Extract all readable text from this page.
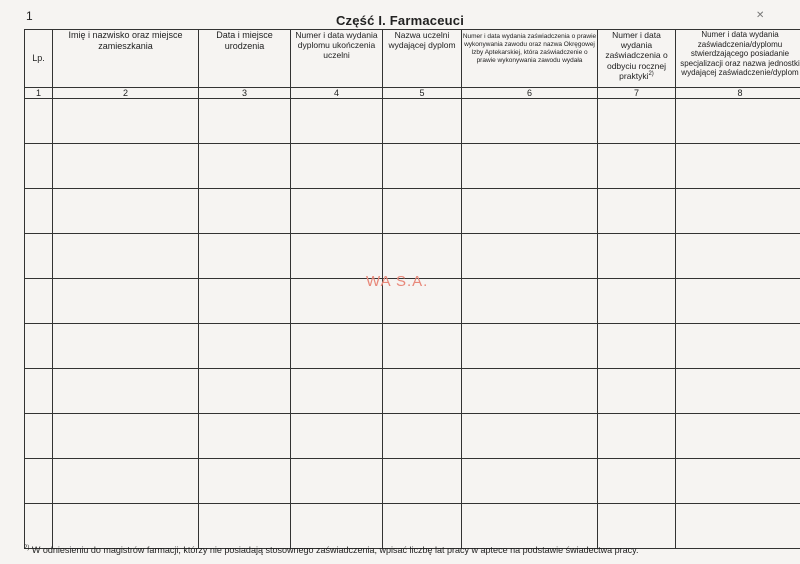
1	Część I. Farmaceuci	✕
Lp.	Imię i nazwisko oraz miejsce zamieszkania	Data i miejsce urodzenia	Numer i data wydania dyplomu ukończenia uczelni	Nazwa uczelni wydającej dyplom	Numer i data wydania zaświadczenia o prawie wykonywania zawodu oraz nazwa Okręgowej Izby Aptekarskiej, która zaświadczenie o prawie wykonywania zawodu wydała	Numer i data wydania zaświadczenia o odbyciu rocznej praktyki$^{2)}$	Numer i data wydania
zaświadczenia/dyplomu
stwierdzającego posiadanie
specjalizacji oraz nazwa jednostki
wydającej zaświadczenie/dyplom

1	2	3	4	5	6	7	8

WA S.A.
$^{2)}$ W odniesieniu do magistrów farmacji, którzy nie posiadają stosownego zaświadczenia, wpisać liczbę lat pracy w aptece na podstawie świadectwa pracy.
